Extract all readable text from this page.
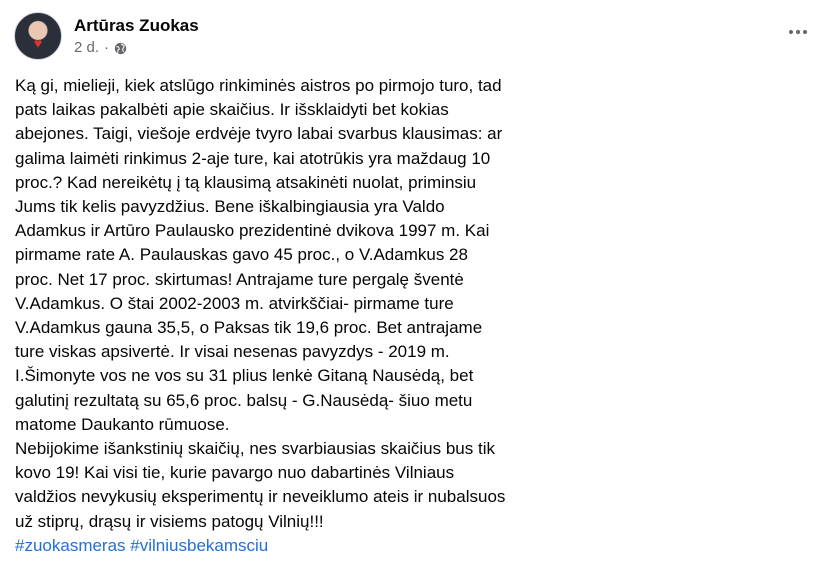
♥
Artūras Zuokas
2 d. ·

Ką gi, mielieji, kiek atslūgo rinkiminės aistros po pirmojo turo, tad

pats laikas pakalbėti apie skaičius. Ir išsklaidyti bet kokias

abejones. Taigi, viešoje erdvėje tvyro labai svarbus klausimas: ar

galima laimėti rinkimus 2-aje ture, kai atotrūkis yra maždaug 10

proc.? Kad nereikėtų į tą klausimą atsakinėti nuolat, priminsiu

Jums tik kelis pavyzdžius. Bene iškalbingiausia yra Valdo

Adamkus ir Artūro Paulausko prezidentinė dvikova 1997 m. Kai

pirmame rate A. Paulauskas gavo 45 proc., o V.Adamkus 28

proc. Net 17 proc. skirtumas! Antrajame ture pergalę šventė

V.Adamkus. O štai 2002-2003 m. atvirkščiai- pirmame ture

V.Adamkus gauna 35,5, o Paksas tik 19,6 proc. Bet antrajame

ture viskas apsivertė. Ir visai nesenas pavyzdys - 2019 m.

I.Šimonyte vos ne vos su 31 plius lenkė Gitaną Nausėdą, bet

galutinį rezultatą su 65,6 proc. balsų - G.Nausėdą- šiuo metu

matome Daukanto rūmuose.

Nebijokime išankstinių skaičių, nes svarbiausias skaičius bus tik

kovo 19! Kai visi tie, kurie pavargo nuo dabartinės Vilniaus

valdžios nevykusių eksperimentų ir neveiklumo ateis ir nubalsuos

už stiprų, drąsų ir visiems patogų Vilnių!!!

#zuokasmeras #vilniusbekamsciu
